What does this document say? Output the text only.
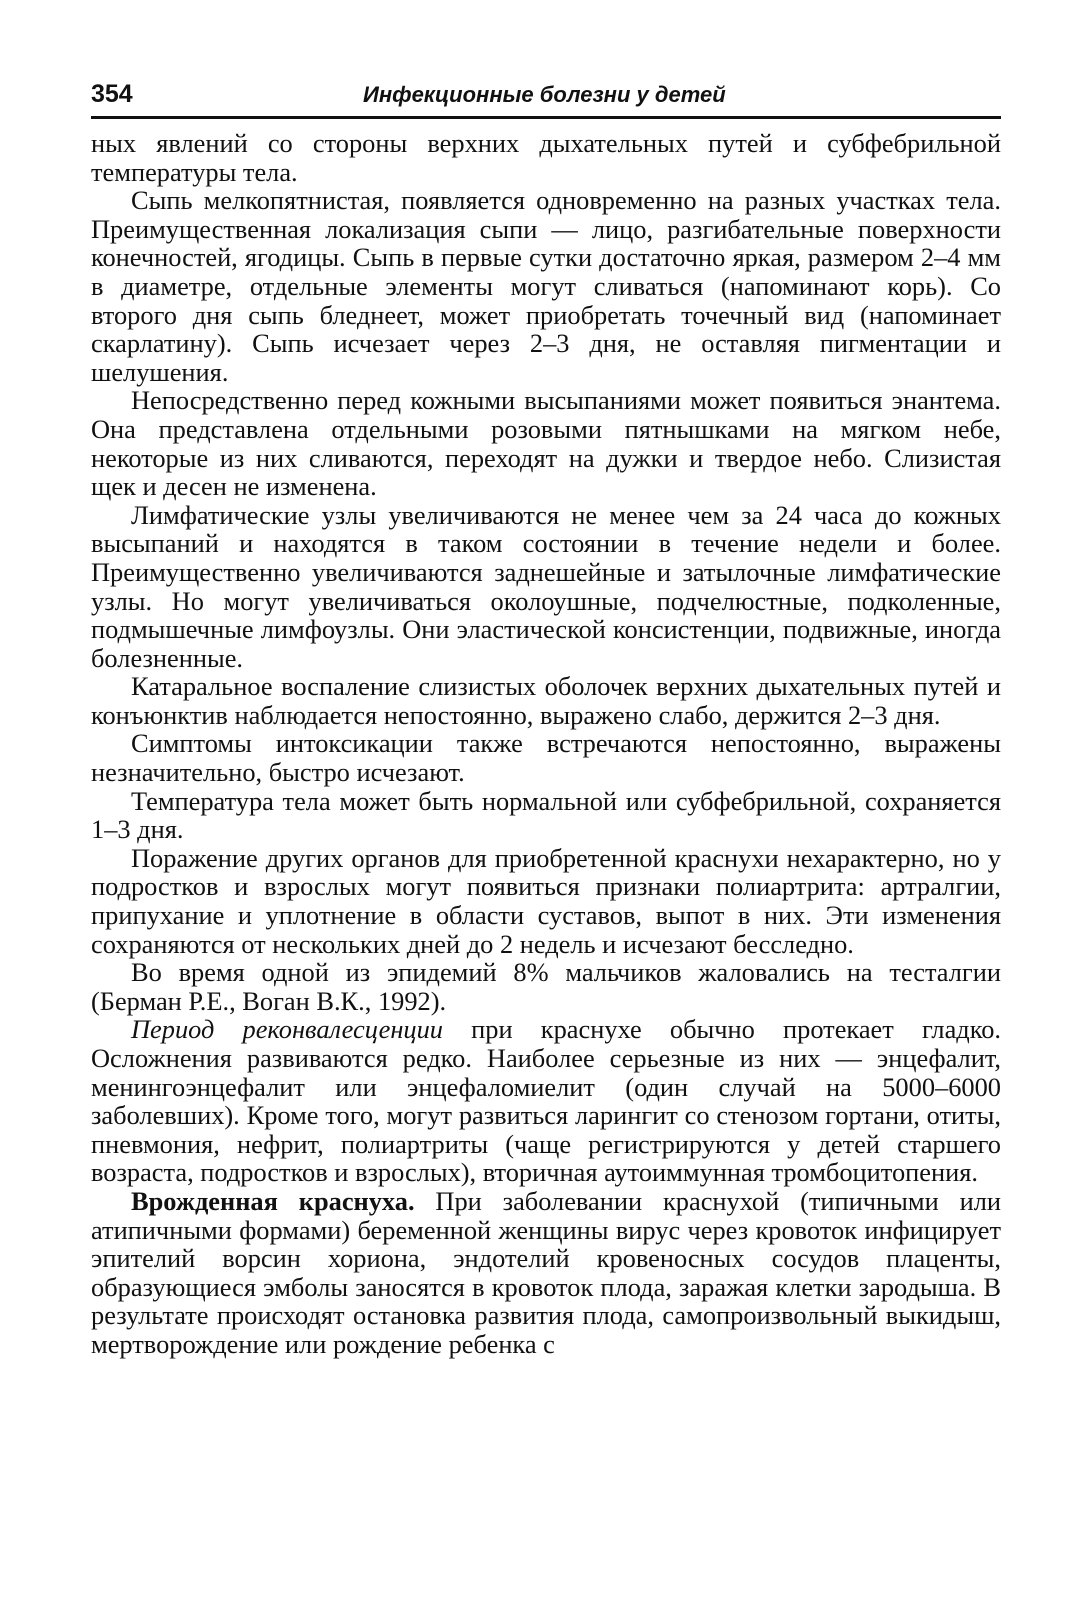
354	Инфекционные болезни у детей

ных явлений со стороны верхних дыхательных путей и субфебрильной температуры тела.

Сыпь мелкопятнистая, появляется одновременно на разных участках тела. Преимущественная локализация сыпи — лицо, разгибательные поверхности конечностей, ягодицы. Сыпь в первые сутки достаточно яркая, размером 2–4 мм в диаметре, отдельные элементы могут сливаться (напоминают корь). Со второго дня сыпь бледнеет, может приобретать точечный вид (напоминает скарлатину). Сыпь исчезает через 2–3 дня, не оставляя пигментации и шелушения.

Непосредственно перед кожными высыпаниями может появиться энантема. Она представлена отдельными розовыми пятнышками на мягком небе, некоторые из них сливаются, переходят на дужки и твердое небо. Слизистая щек и десен не изменена.

Лимфатические узлы увеличиваются не менее чем за 24 часа до кожных высыпаний и находятся в таком состоянии в течение недели и более. Преимущественно увеличиваются заднешейные и затылочные лимфатические узлы. Но могут увеличиваться околоушные, подчелюстные, подколенные, подмышечные лимфоузлы. Они эластической консистенции, подвижные, иногда болезненные.

Катаральное воспаление слизистых оболочек верхних дыхательных путей и конъюнктив наблюдается непостоянно, выражено слабо, держится 2–3 дня.

Симптомы интоксикации также встречаются непостоянно, выражены незначительно, быстро исчезают.

Температура тела может быть нормальной или субфебрильной, сохраняется 1–3 дня.

Поражение других органов для приобретенной краснухи нехарактерно, но у подростков и взрослых могут появиться признаки полиартрита: артралгии, припухание и уплотнение в области суставов, выпот в них. Эти изменения сохраняются от нескольких дней до 2 недель и исчезают бесследно.

Во время одной из эпидемий 8% мальчиков жаловались на тесталгии (Берман Р.Е., Воган В.К., 1992).

Период реконвалесценции при краснухе обычно протекает гладко. Осложнения развиваются редко. Наиболее серьезные из них — энцефалит, менингоэнцефалит или энцефаломиелит (один случай на 5000–6000 заболевших). Кроме того, могут развиться ларингит со стенозом гортани, отиты, пневмония, нефрит, полиартриты (чаще регистрируются у детей старшего возраста, подростков и взрослых), вторичная аутоиммунная тромбоцитопения.

Врожденная краснуха. При заболевании краснухой (типичными или атипичными формами) беременной женщины вирус через кровоток инфицирует эпителий ворсин хориона, эндотелий кровеносных сосудов плаценты, образующиеся эмболы заносятся в кровоток плода, заражая клетки зародыша. В результате происходят остановка развития плода, самопроизвольный выкидыш, мертворождение или рождение ребенка с
